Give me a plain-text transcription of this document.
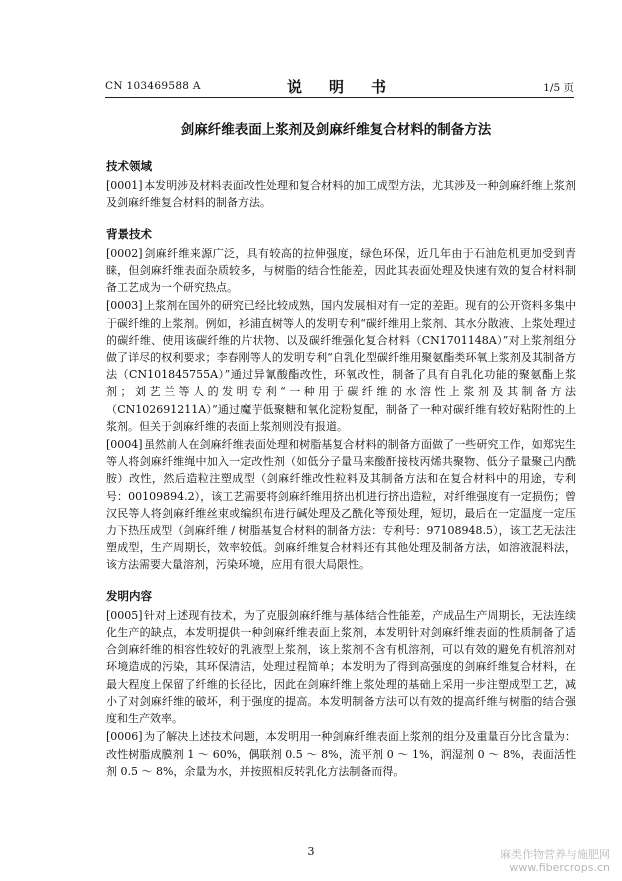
CN 103469588 A	说　明　书	1/5 页
剑麻纤维表面上浆剂及剑麻纤维复合材料的制备方法
技术领域

[0001]本发明涉及材料表面改性处理和复合材料的加工成型方法，尤其涉及一种剑麻纤维上浆剂及剑麻纤维复合材料的制备方法。

背景技术

[0002]剑麻纤维来源广泛，具有较高的拉伸强度，绿色环保，近几年由于石油危机更加受到青睐，但剑麻纤维表面杂质较多，与树脂的结合性能差，因此其表面处理及快速有效的复合材料制备工艺成为一个研究热点。

[0003]上浆剂在国外的研究已经比较成熟，国内发展相对有一定的差距。现有的公开资料多集中于碳纤维的上浆剂。例如，衫浦直树等人的发明专利“碳纤维用上浆剂、其水分散液、上浆处理过的碳纤维、使用该碳纤维的片状物、以及碳纤维强化复合材料（CN1701148A）”对上浆剂组分做了详尽的权利要求；李春刚等人的发明专利“自乳化型碳纤维用聚氨酯类环氧上浆剂及其制备方法（CN101845755A）”通过异氰酸酯改性，环氧改性，制备了具有自乳化功能的聚氨酯上浆剂；刘艺兰等人的发明专利“一种用于碳纤维的水溶性上浆剂及其制备方法（CN102691211A）”通过魔芋低聚糖和氧化淀粉复配，制备了一种对碳纤维有较好粘附性的上浆剂。但关于剑麻纤维的表面上浆剂则没有报道。

[0004]虽然前人在剑麻纤维表面处理和树脂基复合材料的制备方面做了一些研究工作，如郑宪生等人将剑麻纤维绳中加入一定改性剂（如低分子量马来酸酐接枝丙烯共聚物、低分子量聚己内酰胺）改性，然后造粒注塑成型（剑麻纤维改性粒料及其制备方法和在复合材料中的用途，专利号：00109894.2），该工艺需要将剑麻纤维用挤出机进行挤出造粒，对纤维强度有一定损伤；曾汉民等人将剑麻纤维丝束或编织布进行碱处理及乙酰化等预处理，短切，最后在一定温度一定压力下热压成型（剑麻纤维 / 树脂基复合材料的制备方法：专利号：97108948.5），该工艺无法注塑成型，生产周期长，效率较低。剑麻纤维复合材料还有其他处理及制备方法，如溶液混料法，该方法需要大量溶剂，污染环境，应用有很大局限性。

发明内容

[0005]针对上述现有技术，为了克服剑麻纤维与基体结合性能差，产成品生产周期长，无法连续化生产的缺点，本发明提供一种剑麻纤维表面上浆剂，本发明针对剑麻纤维表面的性质制备了适合剑麻纤维的相容性较好的乳液型上浆剂，该上浆剂不含有机溶剂，可以有效的避免有机溶剂对环境造成的污染，其环保清洁，处理过程简单；本发明为了得到高强度的剑麻纤维复合材料，在最大程度上保留了纤维的长径比，因此在剑麻纤维上浆处理的基础上采用一步注塑成型工艺，减小了对剑麻纤维的破坏，利于强度的提高。本发明制备方法可以有效的提高纤维与树脂的结合强度和生产效率。

[0006]为了解决上述技术问题，本发明用一种剑麻纤维表面上浆剂的组分及重量百分比含量为：改性树脂成膜剂 1 ～ 60%，偶联剂 0.5 ～ 8%，流平剂 0 ～ 1%，润湿剂 0 ～ 8%，表面活性剂 0.5 ～ 8%，余量为水，并按照相反转乳化方法制备而得。

3	麻类作物营养与施肥网
www.fibercrops.cn
